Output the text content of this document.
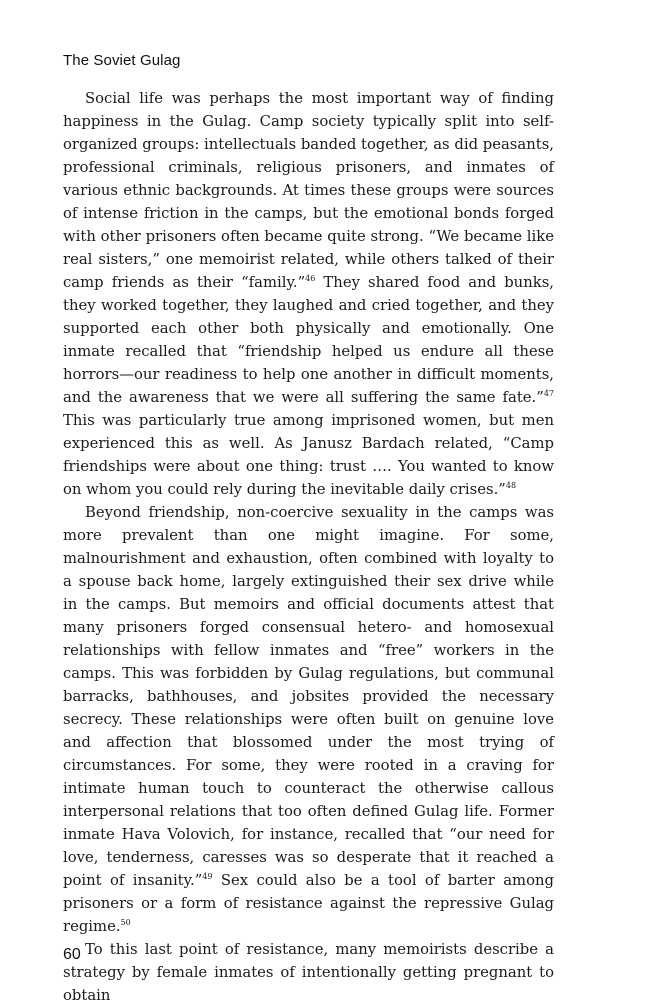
The Soviet Gulag

Social life was perhaps the most important way of finding happiness in the Gulag. Camp society typically split into self-organized groups: intellectuals banded together, as did peasants, professional criminals, religious prisoners, and inmates of various ethnic backgrounds. At times these groups were sources of intense friction in the camps, but the emotional bonds forged with other prisoners often became quite strong. “We became like real sisters,” one memoirist related, while others talked of their camp friends as their “family.”$^{46}$ They shared food and bunks, they worked together, they laughed and cried together, and they supported each other both physically and emotionally. One inmate recalled that “friendship helped us endure all these horrors—our readiness to help one another in difficult moments, and the awareness that we were all suffering the same fate.”$^{47}$ This was particularly true among imprisoned women, but men experienced this as well. As Janusz Bardach related, “Camp friendships were about one thing: trust …. You wanted to know on whom you could rely during the inevitable daily crises.”$^{48}$

Beyond friendship, non-coercive sexuality in the camps was more prevalent than one might imagine. For some, malnourishment and exhaustion, often combined with loyalty to a spouse back home, largely extinguished their sex drive while in the camps. But memoirs and official documents attest that many prisoners forged consensual hetero- and homosexual relationships with fellow inmates and “free” workers in the camps. This was forbidden by Gulag regulations, but communal barracks, bathhouses, and jobsites provided the necessary secrecy. These relationships were often built on genuine love and affection that blossomed under the most trying of circumstances. For some, they were rooted in a craving for intimate human touch to counteract the otherwise callous interpersonal relations that too often defined Gulag life. Former inmate Hava Volovich, for instance, recalled that “our need for love, tenderness, caresses was so desperate that it reached a point of insanity.”$^{49}$ Sex could also be a tool of barter among prisoners or a form of resistance against the repressive Gulag regime.$^{50}$

To this last point of resistance, many memoirists describe a strategy by female inmates of intentionally getting pregnant to obtain

60
